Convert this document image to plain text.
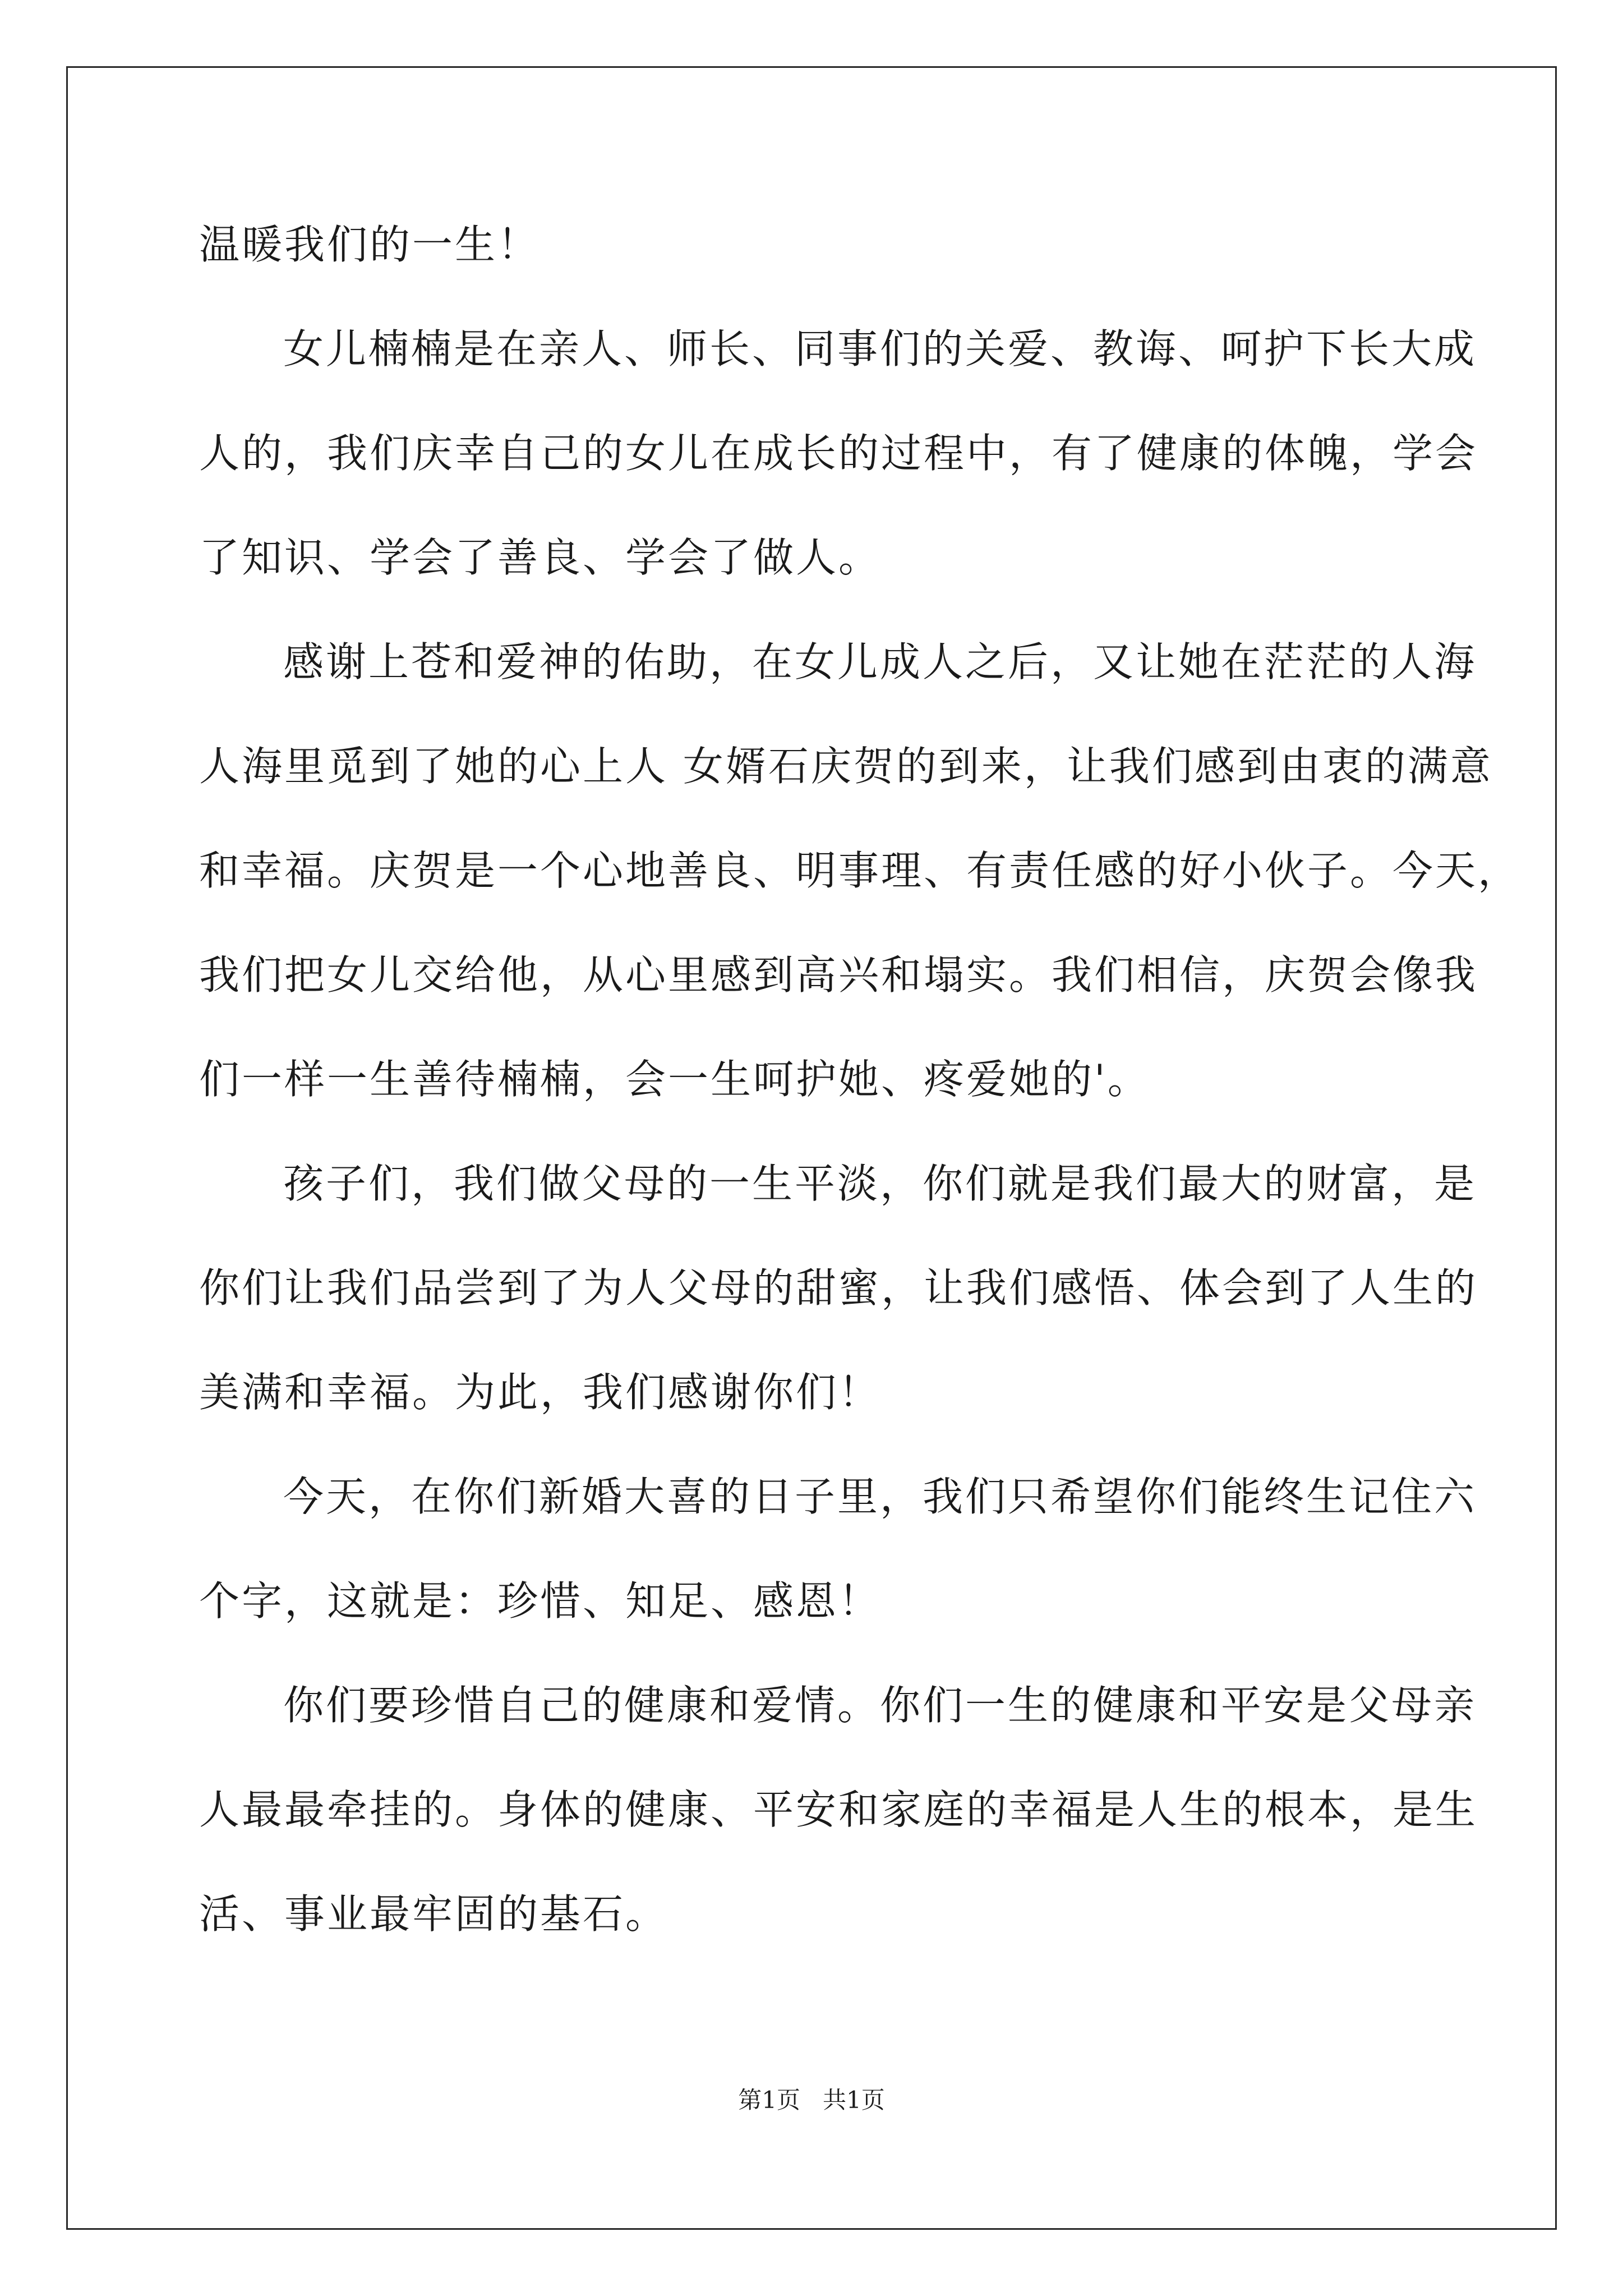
温暖我们的一生！
女儿楠楠是在亲人、师长、同事们的关爱、教诲、呵护下长大成
人的，我们庆幸自己的女儿在成长的过程中，有了健康的体魄，学会
了知识、学会了善良、学会了做人。
感谢上苍和爱神的佑助，在女儿成人之后，又让她在茫茫的人海
人海里觅到了她的心上人 女婿石庆贺的到来，让我们感到由衷的满意
和幸福。庆贺是一个心地善良、明事理、有责任感的好小伙子。今天，
我们把女儿交给他，从心里感到高兴和塌实。我们相信，庆贺会像我
们一样一生善待楠楠，会一生呵护她、疼爱她的'。
孩子们，我们做父母的一生平淡，你们就是我们最大的财富，是
你们让我们品尝到了为人父母的甜蜜，让我们感悟、体会到了人生的
美满和幸福。为此，我们感谢你们！
今天，在你们新婚大喜的日子里，我们只希望你们能终生记住六
个字，这就是：珍惜、知足、感恩！
你们要珍惜自己的健康和爱情。你们一生的健康和平安是父母亲
人最最牵挂的。身体的健康、平安和家庭的幸福是人生的根本，是生
活、事业最牢固的基石。
第1页   共1页
